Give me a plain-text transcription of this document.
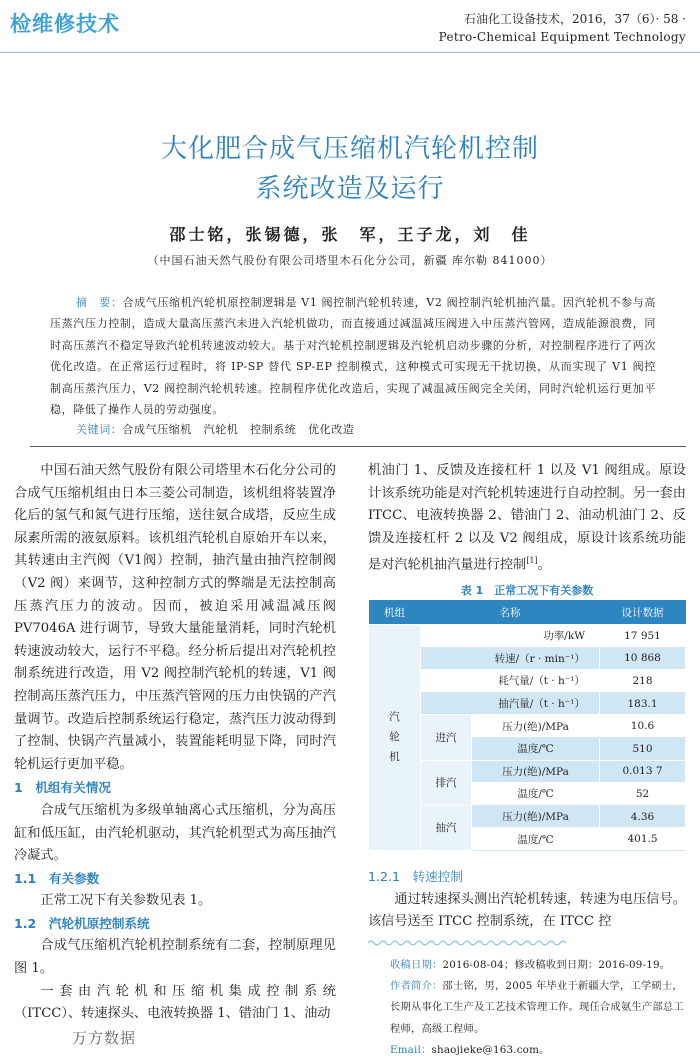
检维修技术	石油化工设备技术，2016，37（6）· 58 ·
Petro-Chemical Equipment Technology
大化肥合成气压缩机汽轮机控制
系统改造及运行
邵士铭，张锡德，张　军，王子龙，刘　佳
（中国石油天然气股份有限公司塔里木石化分公司，新疆 库尔勒 841000）
摘　要：合成气压缩机汽轮机原控制逻辑是 V1 阀控制汽轮机转速，V2 阀控制汽轮机抽汽量。因汽轮机不参与高压蒸汽压力控制，造成大量高压蒸汽未进入汽轮机做功，而直接通过减温减压阀进入中压蒸汽管网，造成能源浪费，同时高压蒸汽不稳定导致汽轮机转速波动较大。基于对汽轮机控制逻辑及汽轮机启动步骤的分析，对控制程序进行了两次优化改造。在正常运行过程时，将 IP-SP 替代 SP-EP 控制模式，这种模式可实现无干扰切换，从而实现了 V1 阀控制高压蒸汽压力，V2 阀控制汽轮机转速。控制程序优化改造后，实现了减温减压阀完全关闭，同时汽轮机运行更加平稳，降低了操作人员的劳动强度。
关键词：合成气压缩机　汽轮机　控制系统　优化改造

中国石油天然气股份有限公司塔里木石化分公司的合成气压缩机组由日本三菱公司制造，该机组将装置净化后的氢气和氮气进行压缩，送往氨合成塔，反应生成尿素所需的液氨原料。该机组汽轮机自原始开车以来，其转速由主汽阀（V1阀）控制，抽汽量由抽汽控制阀（V2 阀）来调节，这种控制方式的弊端是无法控制高压蒸汽压力的波动。因而，被迫采用减温减压阀 PV7046A 进行调节，导致大量能量消耗，同时汽轮机转速波动较大，运行不平稳。经分析后提出对汽轮机控制系统进行改造，用 V2 阀控制汽轮机的转速，V1 阀控制高压蒸汽压力，中压蒸汽管网的压力由快锅的产汽量调节。改造后控制系统运行稳定，蒸汽压力波动得到了控制、快锅产汽量减小，装置能耗明显下降，同时汽轮机运行更加平稳。

1　机组有关情况

合成气压缩机为多级单轴离心式压缩机，分为高压缸和低压缸，由汽轮机驱动，其汽轮机型式为高压抽汽冷凝式。

1.1　有关参数

正常工况下有关参数见表 1。

1.2　汽轮机原控制系统

合成气压缩机汽轮机控制系统有二套，控制原理见图 1。

一套由汽轮机和压缩机集成控制系统

（ITCC）、转速探头、电液转换器 1、错油门 1、油动
机油门 1、反馈及连接杠杆 1 以及 V1 阀组成。原设计该系统功能是对汽轮机转速进行自动控制。另一套由 ITCC、电液转换器 2、错油门 2、油动机油门 2、反馈及连接杠杆 2 以及 V2 阀组成，原设计该系统功能是对汽轮机抽汽量进行控制[1]。
表 1　正常工况下有关参数
机组	名称		设计数据
汽轮机	功率/kW		17 951
	转速/（r · min⁻¹）		10 868
	耗气量/（t · h⁻¹）		218
	抽汽量/（t · h⁻¹）		183.1
	进汽	压力(绝)/MPa	10.6
		温度/℃	510
	排汽	压力(绝)/MPa	0.013 7
		温度/℃	52
	抽汽	压力(绝)/MPa	4.36
		温度/℃	401.5
1.2.1　转速控制

通过转速探头测出汽轮机转速，转速为电压信号。该信号送至 ITCC 控制系统，在 ITCC 控

收稿日期：2016-08-04；修改稿收到日期：2016-09-19。
作者简介：邵士铭，男，2005 年毕业于新疆大学，工学硕士，长期从事化工生产及工艺技术管理工作。现任合成氨生产部总工程师，高级工程师。
Email：shaojieke@163.com。
万方数据
